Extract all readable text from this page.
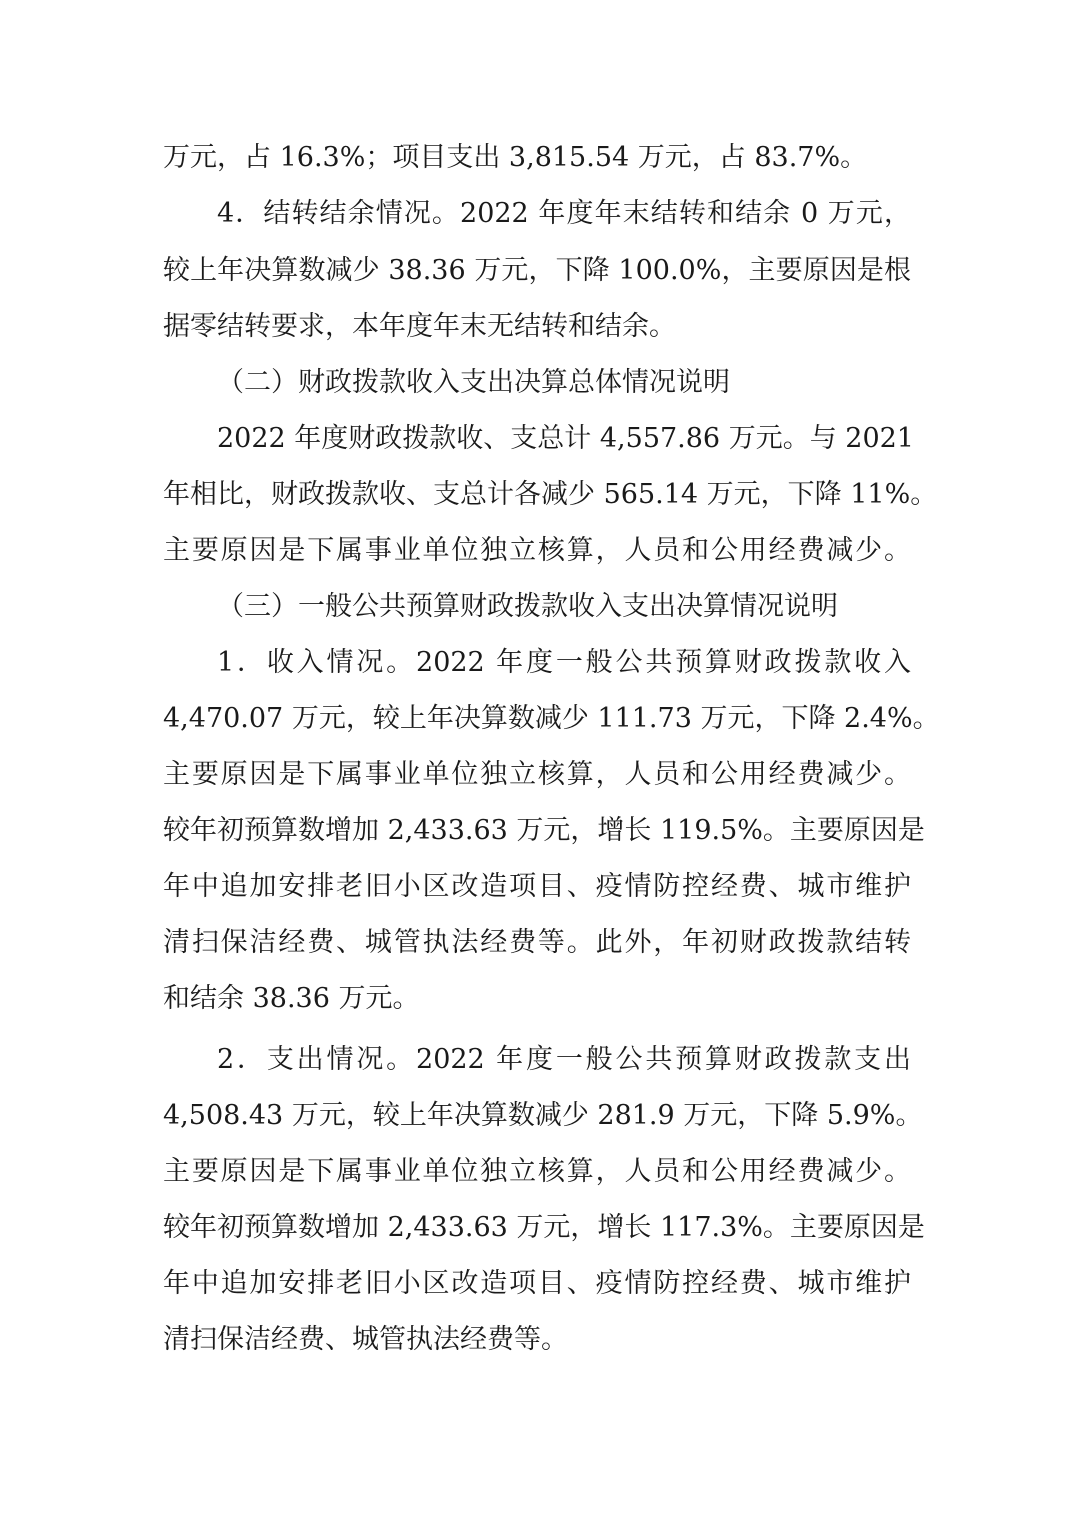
万元，占 16.3%；项目支出 3,815.54 万元，占 83.7%。
4．结转结余情况。2022 年度年末结转和结余 0 万元，
较上年决算数减少 38.36 万元，下降 100.0%，主要原因是根
据零结转要求，本年度年末无结转和结余。
（二）财政拨款收入支出决算总体情况说明
2022 年度财政拨款收、支总计 4,557.86 万元。与 2021
年相比，财政拨款收、支总计各减少 565.14 万元，下降 11%。
主要原因是下属事业单位独立核算，人员和公用经费减少。
（三）一般公共预算财政拨款收入支出决算情况说明
1．收入情况。2022 年度一般公共预算财政拨款收入
4,470.07 万元，较上年决算数减少 111.73 万元，下降 2.4%。
主要原因是下属事业单位独立核算，人员和公用经费减少。
较年初预算数增加 2,433.63 万元，增长 119.5%。主要原因是
年中追加安排老旧小区改造项目、疫情防控经费、城市维护
清扫保洁经费、城管执法经费等。此外，年初财政拨款结转
和结余 38.36 万元。
2．支出情况。2022 年度一般公共预算财政拨款支出
4,508.43 万元，较上年决算数减少 281.9 万元，下降 5.9%。
主要原因是下属事业单位独立核算，人员和公用经费减少。
较年初预算数增加 2,433.63 万元，增长 117.3%。主要原因是
年中追加安排老旧小区改造项目、疫情防控经费、城市维护
清扫保洁经费、城管执法经费等。
